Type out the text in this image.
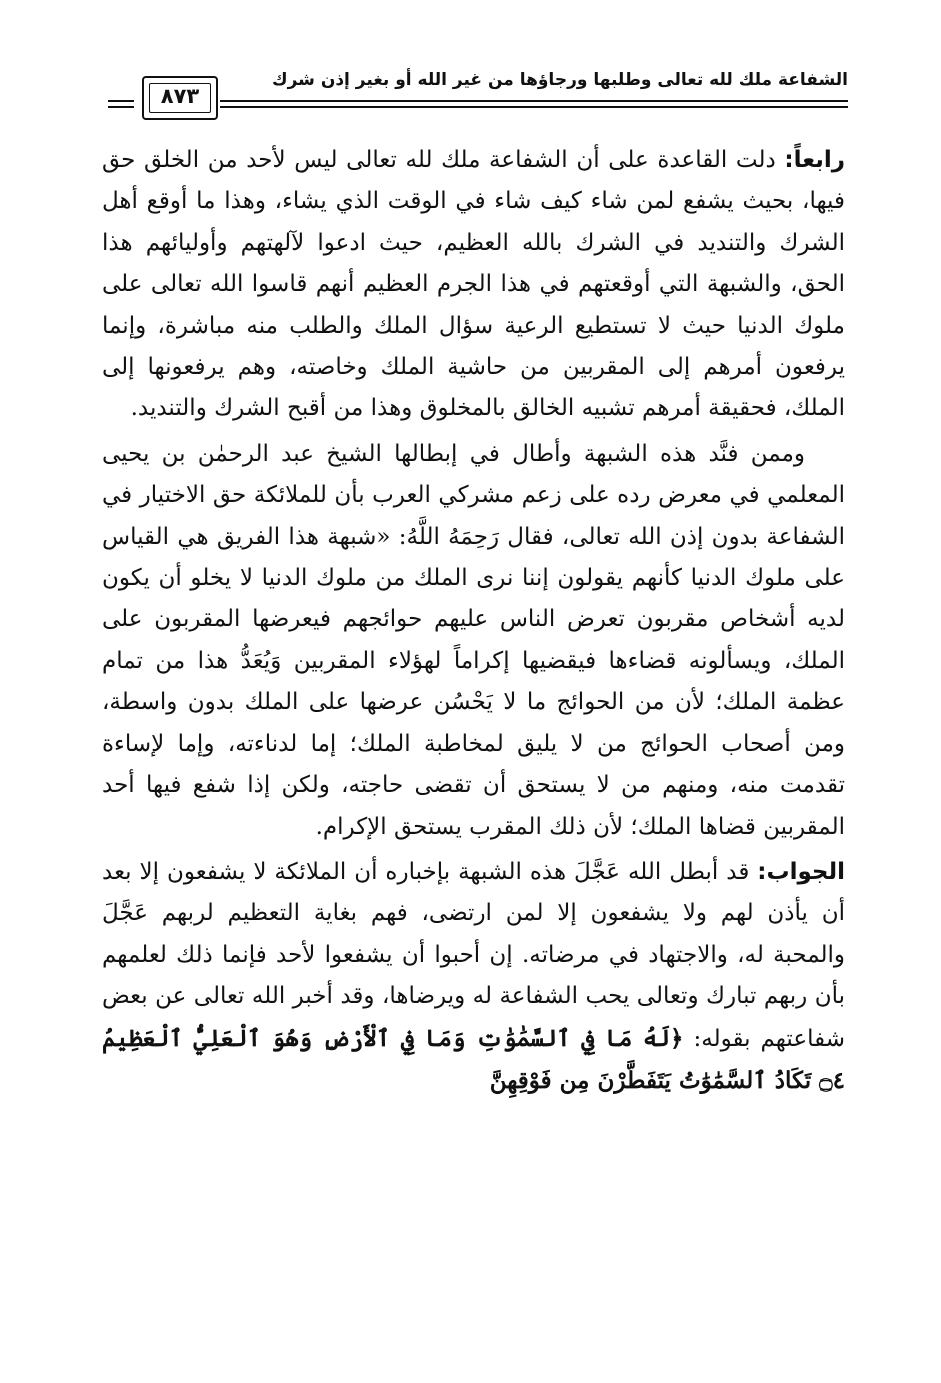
الشفاعة ملك لله تعالى وطلبها ورجاؤها من غير الله أو بغير إذن شرك
٨٧٣

رابعاً: دلت القاعدة على أن الشفاعة ملك لله تعالى ليس لأحد من الخلق حق فيها، بحيث يشفع لمن شاء كيف شاء في الوقت الذي يشاء، وهذا ما أوقع أهل الشرك والتنديد في الشرك بالله العظيم، حيث ادعوا لآلهتهم وأوليائهم هذا الحق، والشبهة التي أوقعتهم في هذا الجرم العظيم أنهم قاسوا الله تعالى على ملوك الدنيا حيث لا تستطيع الرعية سؤال الملك والطلب منه مباشرة، وإنما يرفعون أمرهم إلى المقربين من حاشية الملك وخاصته، وهم يرفعونها إلى الملك، فحقيقة أمرهم تشبيه الخالق بالمخلوق وهذا من أقبح الشرك والتنديد.

وممن فنَّد هذه الشبهة وأطال في إبطالها الشيخ عبد الرحمٰن بن يحيى المعلمي في معرض رده على زعم مشركي العرب بأن للملائكة حق الاختيار في الشفاعة بدون إذن الله تعالى، فقال رَحِمَهُ اللَّهُ: «شبهة هذا الفريق هي القياس على ملوك الدنيا كأنهم يقولون إننا نرى الملك من ملوك الدنيا لا يخلو أن يكون لديه أشخاص مقربون تعرض الناس عليهم حوائجهم فيعرضها المقربون على الملك، ويسألونه قضاءها فيقضيها إكراماً لهؤلاء المقربين وَيُعَدُّ هذا من تمام عظمة الملك؛ لأن من الحوائج ما لا يَحْسُن عرضها على الملك بدون واسطة، ومن أصحاب الحوائج من لا يليق لمخاطبة الملك؛ إما لدناءته، وإما لإساءة تقدمت منه، ومنهم من لا يستحق أن تقضى حاجته، ولكن إذا شفع فيها أحد المقربين قضاها الملك؛ لأن ذلك المقرب يستحق الإكرام.

الجواب: قد أبطل الله عَجَّلَ هذه الشبهة بإخباره أن الملائكة لا يشفعون إلا بعد أن يأذن لهم ولا يشفعون إلا لمن ارتضى، فهم بغاية التعظيم لربهم عَجَّلَ والمحبة له، والاجتهاد في مرضاته. إن أحبوا أن يشفعوا لأحد فإنما ذلك لعلمهم بأن ربهم تبارك وتعالى يحب الشفاعة له ويرضاها، وقد أخبر الله تعالى عن بعض شفاعتهم بقوله: ﴿لَهُ مَا فِي ٱلسَّمَٰوَٰتِ وَمَا فِي ٱلْأَرْضِ وَهُوَ ٱلْعَلِيُّ ٱلْعَظِيمُ ۝٤ تَكَادُ ٱلسَّمَٰوَٰتُ يَتَفَطَّرْنَ مِن فَوْقِهِنَّ
